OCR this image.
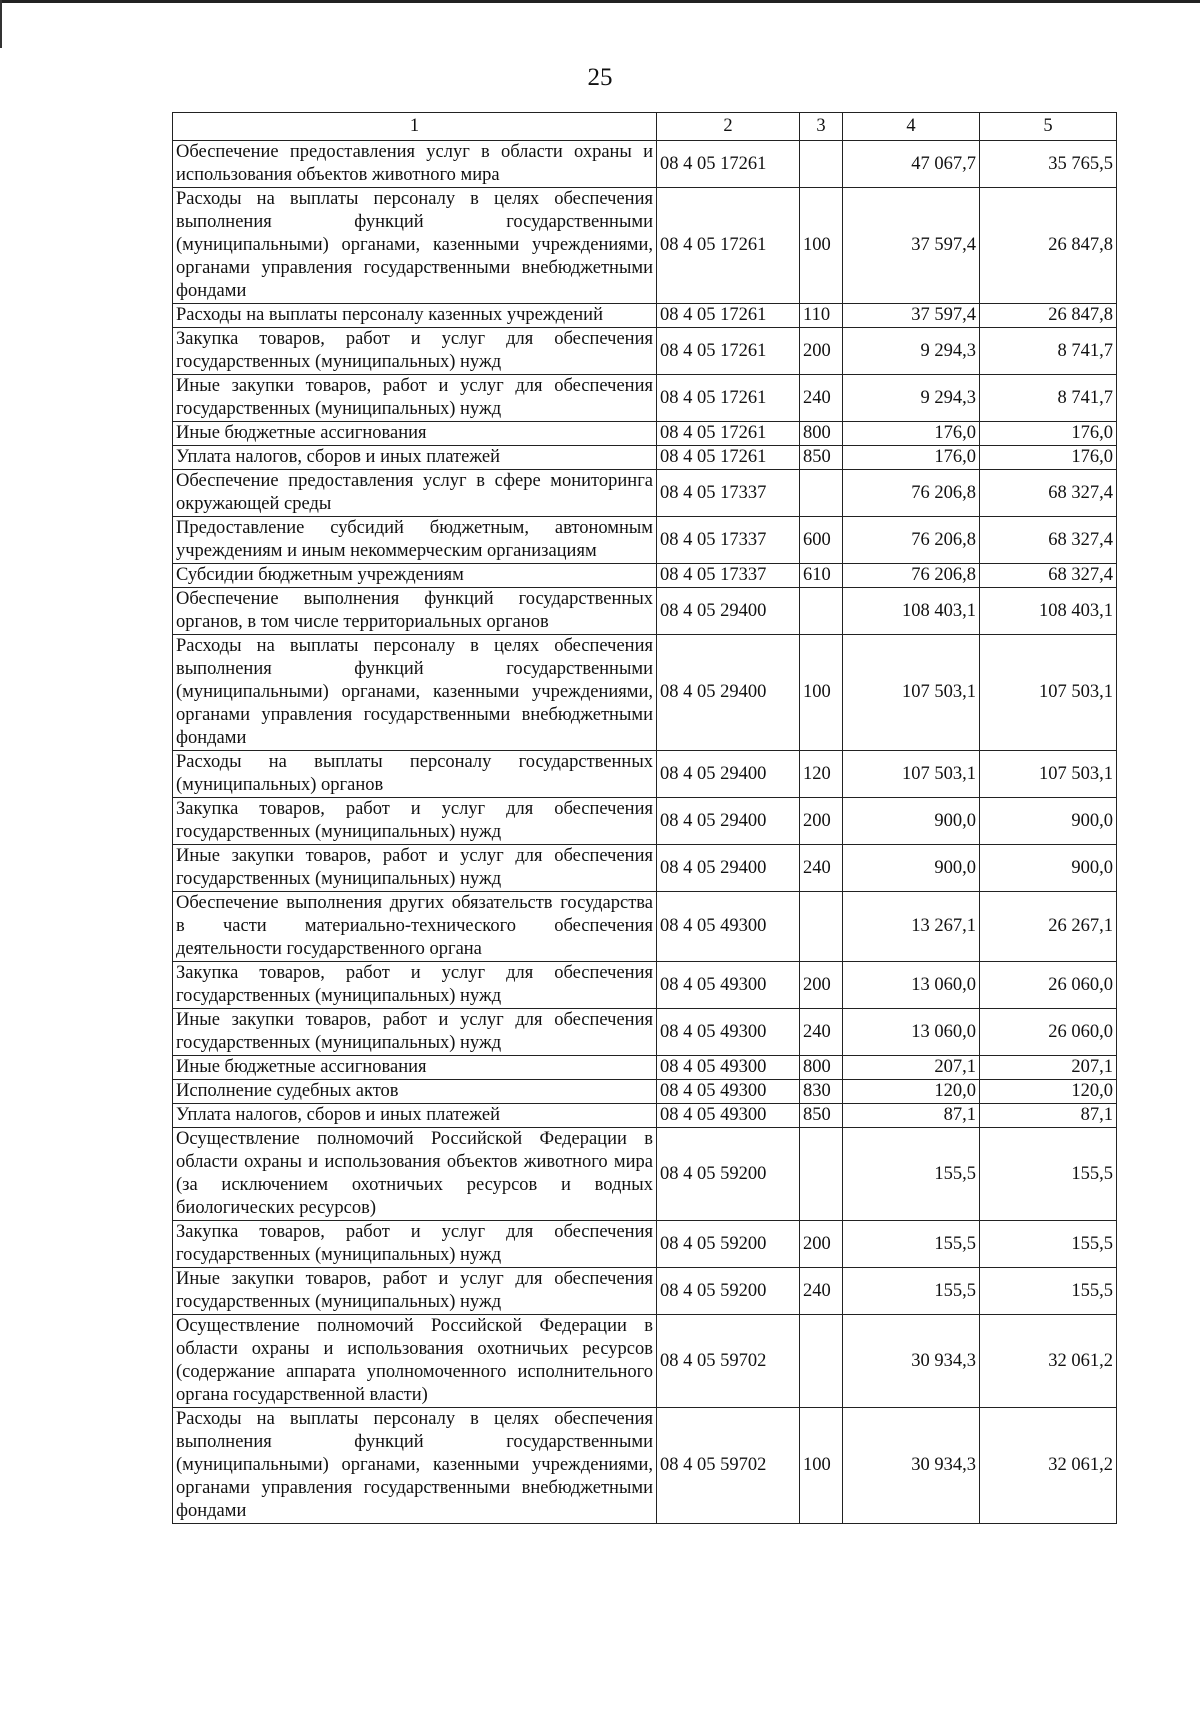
25
1	2	3	4	5
Обеспечение предоставления услуг в области охраны и использования объектов животного мира	08 4 05 17261		47 067,7	35 765,5
Расходы на выплаты персоналу в целях обеспечения выполнения функций государственными (муниципальными) органами, казенными учреждениями, органами управления государственными внебюджетными фондами	08 4 05 17261	100	37 597,4	26 847,8
Расходы на выплаты персоналу казенных учреждений	08 4 05 17261	110	37 597,4	26 847,8
Закупка товаров, работ и услуг для обеспечения государственных (муниципальных) нужд	08 4 05 17261	200	9 294,3	8 741,7
Иные закупки товаров, работ и услуг для обеспечения государственных (муниципальных) нужд	08 4 05 17261	240	9 294,3	8 741,7
Иные бюджетные ассигнования	08 4 05 17261	800	176,0	176,0
Уплата налогов, сборов и иных платежей	08 4 05 17261	850	176,0	176,0
Обеспечение предоставления услуг в сфере мониторинга окружающей среды	08 4 05 17337		76 206,8	68 327,4
Предоставление субсидий бюджетным, автономным учреждениям и иным некоммерческим организациям	08 4 05 17337	600	76 206,8	68 327,4
Субсидии бюджетным учреждениям	08 4 05 17337	610	76 206,8	68 327,4
Обеспечение выполнения функций государственных органов, в том числе территориальных органов	08 4 05 29400		108 403,1	108 403,1
Расходы на выплаты персоналу в целях обеспечения выполнения функций государственными (муниципальными) органами, казенными учреждениями, органами управления государственными внебюджетными фондами	08 4 05 29400	100	107 503,1	107 503,1
Расходы на выплаты персоналу государственных (муниципальных) органов	08 4 05 29400	120	107 503,1	107 503,1
Закупка товаров, работ и услуг для обеспечения государственных (муниципальных) нужд	08 4 05 29400	200	900,0	900,0
Иные закупки товаров, работ и услуг для обеспечения государственных (муниципальных) нужд	08 4 05 29400	240	900,0	900,0
Обеспечение выполнения других обязательств государства в части материально-технического обеспечения деятельности государственного органа	08 4 05 49300		13 267,1	26 267,1
Закупка товаров, работ и услуг для обеспечения государственных (муниципальных) нужд	08 4 05 49300	200	13 060,0	26 060,0
Иные закупки товаров, работ и услуг для обеспечения государственных (муниципальных) нужд	08 4 05 49300	240	13 060,0	26 060,0
Иные бюджетные ассигнования	08 4 05 49300	800	207,1	207,1
Исполнение судебных актов	08 4 05 49300	830	120,0	120,0
Уплата налогов, сборов и иных платежей	08 4 05 49300	850	87,1	87,1
Осуществление полномочий Российской Федерации в области охраны и использования объектов животного мира (за исключением охотничьих ресурсов и водных биологических ресурсов)	08 4 05 59200		155,5	155,5
Закупка товаров, работ и услуг для обеспечения государственных (муниципальных) нужд	08 4 05 59200	200	155,5	155,5
Иные закупки товаров, работ и услуг для обеспечения государственных (муниципальных) нужд	08 4 05 59200	240	155,5	155,5
Осуществление полномочий Российской Федерации в области охраны и использования охотничьих ресурсов (содержание аппарата уполномоченного исполнительного органа государственной власти)	08 4 05 59702		30 934,3	32 061,2
Расходы на выплаты персоналу в целях обеспечения выполнения функций государственными (муниципальными) органами, казенными учреждениями, органами управления государственными внебюджетными фондами	08 4 05 59702	100	30 934,3	32 061,2
